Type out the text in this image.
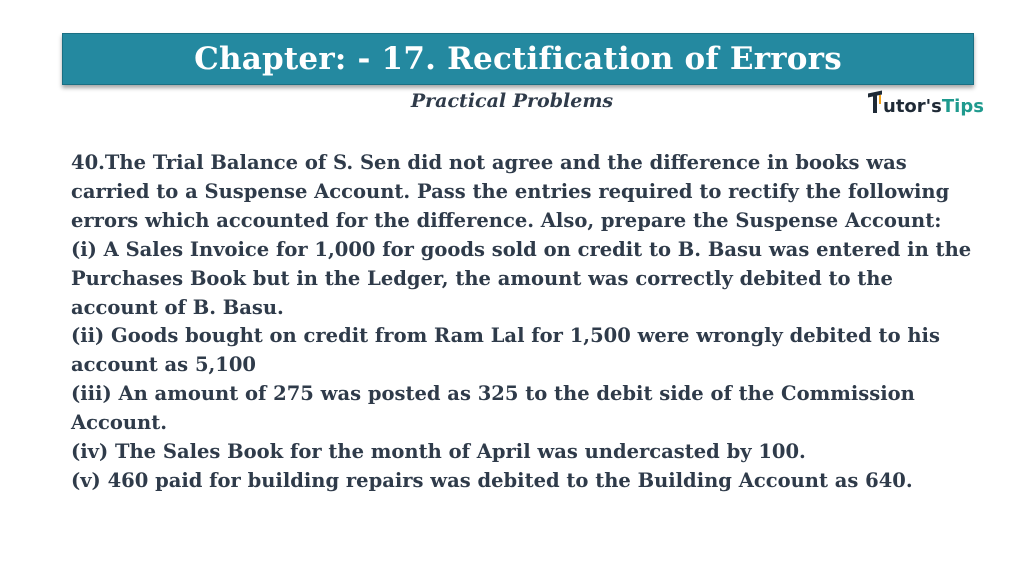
Chapter: - 17. Rectification of Errors
Practical Problems	utor's Tips

40.The Trial Balance of S. Sen did not agree and the difference in books was
carried to a Suspense Account. Pass the entries required to rectify the following
errors which accounted for the difference. Also, prepare the Suspense Account:
(i) A Sales Invoice for 1,000 for goods sold on credit to B. Basu was entered in the
Purchases Book but in the Ledger, the amount was correctly debited to the
account of B. Basu.
(ii) Goods bought on credit from Ram Lal for 1,500 were wrongly debited to his
account as 5,100
(iii) An amount of 275 was posted as 325 to the debit side of the Commission
Account.
(iv) The Sales Book for the month of April was undercasted by 100.
(v) 460 paid for building repairs was debited to the Building Account as 640.
